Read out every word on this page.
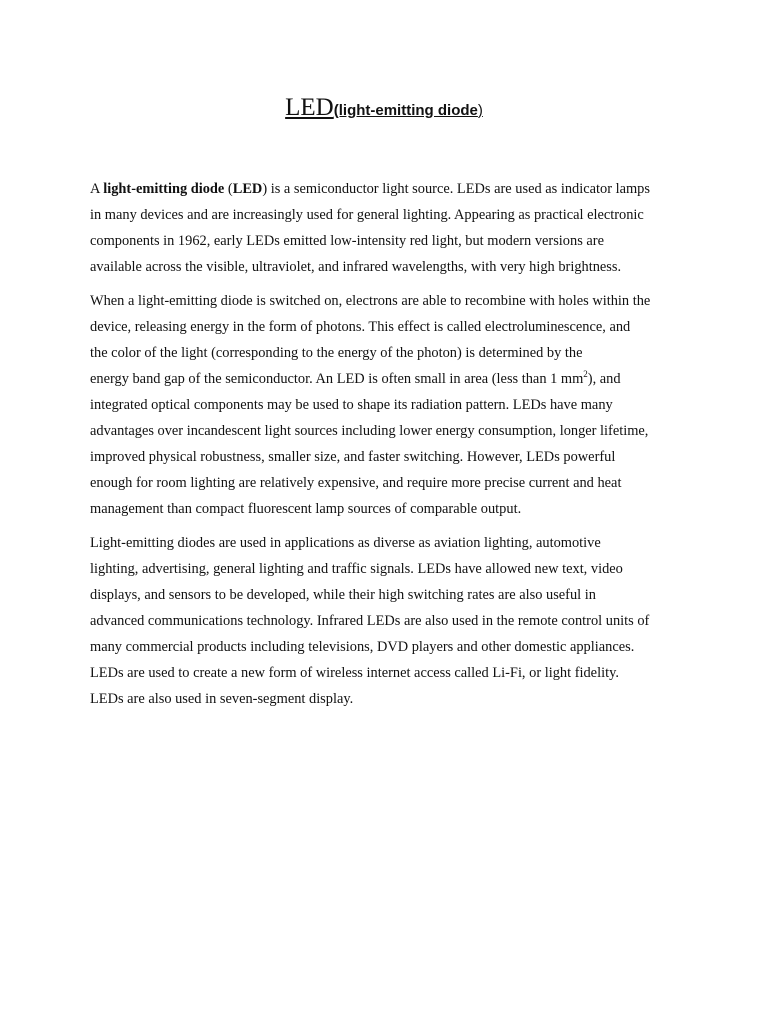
LED(light-emitting diode)

A light-emitting diode (LED) is a semiconductor light source. LEDs are used as indicator lamps
in many devices and are increasingly used for general lighting. Appearing as practical electronic
components in 1962, early LEDs emitted low-intensity red light, but modern versions are
available across the visible, ultraviolet, and infrared wavelengths, with very high brightness.

When a light-emitting diode is switched on, electrons are able to recombine with holes within the
device, releasing energy in the form of photons. This effect is called electroluminescence, and
the color of the light (corresponding to the energy of the photon) is determined by the
energy band gap of the semiconductor. An LED is often small in area (less than 1 $mm^2$), and
integrated optical components may be used to shape its radiation pattern. LEDs have many
advantages over incandescent light sources including lower energy consumption, longer lifetime,
improved physical robustness, smaller size, and faster switching. However, LEDs powerful
enough for room lighting are relatively expensive, and require more precise current and heat
management than compact fluorescent lamp sources of comparable output.

Light-emitting diodes are used in applications as diverse as aviation lighting, automotive
lighting, advertising, general lighting and traffic signals. LEDs have allowed new text, video
displays, and sensors to be developed, while their high switching rates are also useful in
advanced communications technology. Infrared LEDs are also used in the remote control units of
many commercial products including televisions, DVD players and other domestic appliances.
LEDs are used to create a new form of wireless internet access called Li-Fi, or light fidelity.
LEDs are also used in seven-segment display.
